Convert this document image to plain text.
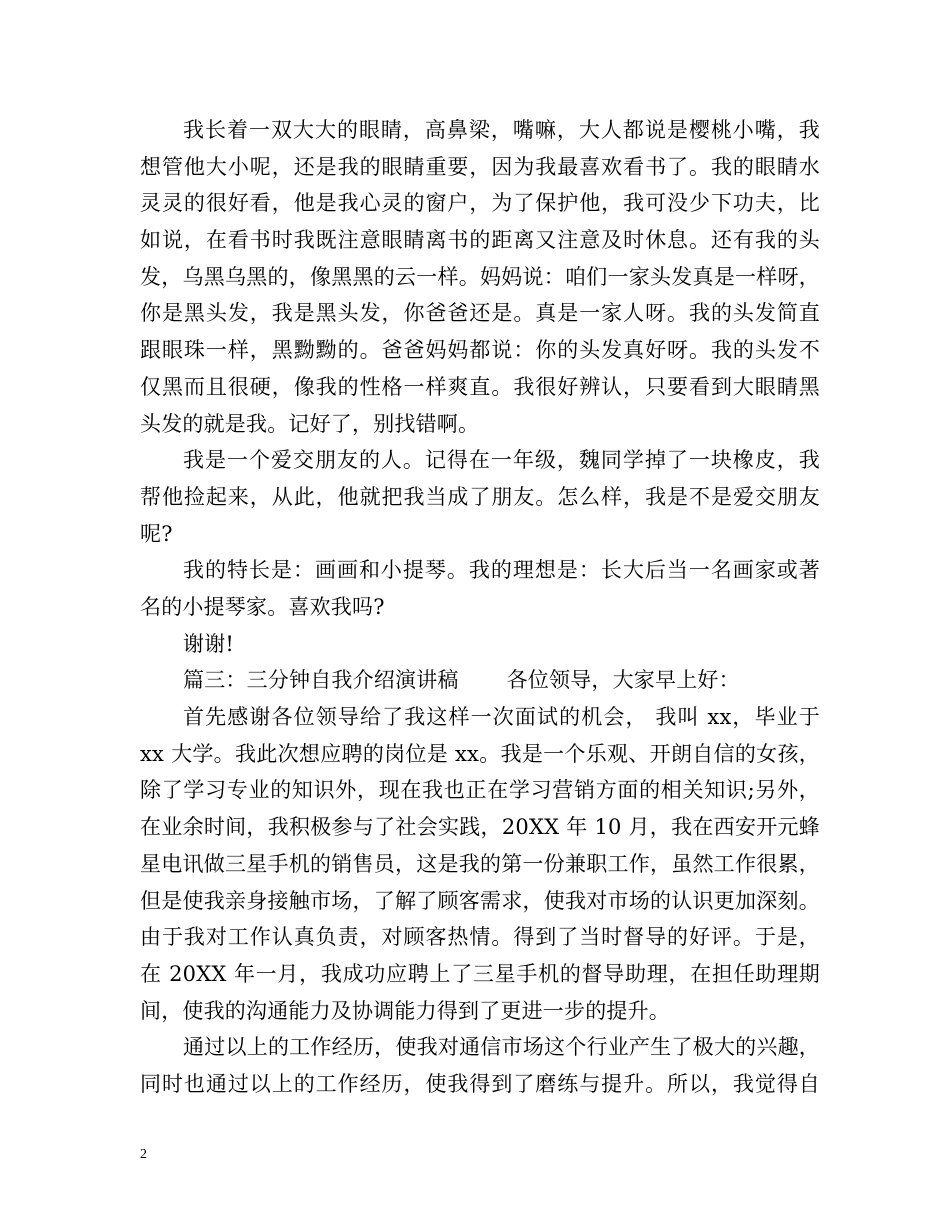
我长着一双大大的眼睛，高鼻梁，嘴嘛，大人都说是樱桃小嘴，我
想管他大小呢，还是我的眼睛重要，因为我最喜欢看书了。我的眼睛水
灵灵的很好看，他是我心灵的窗户，为了保护他，我可没少下功夫，比
如说，在看书时我既注意眼睛离书的距离又注意及时休息。还有我的头
发，乌黑乌黑的，像黑黑的云一样。妈妈说：咱们一家头发真是一样呀，
你是黑头发，我是黑头发，你爸爸还是。真是一家人呀。我的头发简直
跟眼珠一样，黑黝黝的。爸爸妈妈都说：你的头发真好呀。我的头发不
仅黑而且很硬，像我的性格一样爽直。我很好辨认，只要看到大眼睛黑
头发的就是我。记好了，别找错啊。
我是一个爱交朋友的人。记得在一年级，魏同学掉了一块橡皮，我
帮他捡起来，从此，他就把我当成了朋友。怎么样，我是不是爱交朋友
呢?
我的特长是：画画和小提琴。我的理想是：长大后当一名画家或著
名的小提琴家。喜欢我吗?
谢谢!
篇三：三分钟自我介绍演讲稿 各位领导，大家早上好：
首先感谢各位领导给了我这样一次面试的机会， 我叫 xx，毕业于
xx 大学。我此次想应聘的岗位是 xx。我是一个乐观、开朗自信的女孩，
除了学习专业的知识外，现在我也正在学习营销方面的相关知识;另外，
在业余时间，我积极参与了社会实践，20XX 年 10 月，我在西安开元蜂
星电讯做三星手机的销售员，这是我的第一份兼职工作，虽然工作很累，
但是使我亲身接触市场，了解了顾客需求，使我对市场的认识更加深刻。
由于我对工作认真负责，对顾客热情。得到了当时督导的好评。于是，
在 20XX 年一月，我成功应聘上了三星手机的督导助理，在担任助理期
间，使我的沟通能力及协调能力得到了更进一步的提升。
通过以上的工作经历，使我对通信市场这个行业产生了极大的兴趣，
同时也通过以上的工作经历，使我得到了磨练与提升。所以，我觉得自
2
